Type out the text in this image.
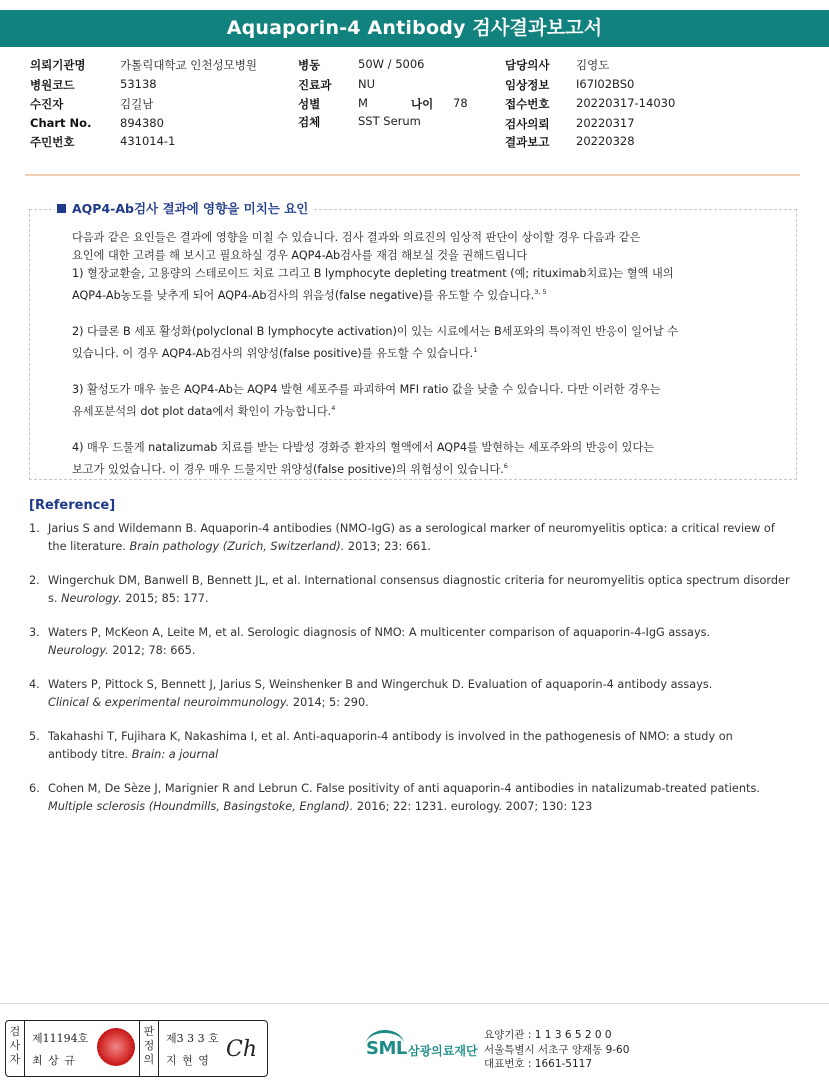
Aquaporin-4 Antibody 검사결과보고서
의뢰기관명	가톨릭대학교 인천성모병원
병원코드	53138
수진자	김길남
Chart No. 894380
주민번호	431014-1
병동	50W / 5006
진료과 NU
성별	M	나이 78
검체	SST Serum
담당의사 김영도
임상정보 I67I02BS0
접수번호 20220317-14030
검사의뢰 20220317
결과보고 20220328
AQP4-Ab검사 결과에 영향을 미치는 요인

다음과 같은 요인들은 결과에 영향을 미칠 수 있습니다. 검사 결과와 의료진의 임상적 판단이 상이할 경우 다음과 같은

요인에 대한 고려를 해 보시고 필요하실 경우 AQP4-Ab검사를 재검 해보실 것을 권해드립니다

1) 혈장교환술, 고용량의 스테로이드 치료 그리고 B lymphocyte depleting treatment (예; rituximab치료)는 혈액 내의

AQP4-Ab농도를 낮추게 되어 AQP4-Ab검사의 위음성(false negative)를 유도할 수 있습니다.$^{3, 5}$

2) 다클론 B 세포 활성화(polyclonal B lymphocyte activation)이 있는 시료에서는 B세포와의 특이적인 반응이 일어날 수

있습니다. 이 경우 AQP4-Ab검사의 위양성(false positive)를 유도할 수 있습니다.$^1$

3) 활성도가 매우 높은 AQP4-Ab는 AQP4 발현 세포주를 파괴하여 MFI ratio 값을 낮출 수 있습니다. 다만 이러한 경우는

유세포분석의 dot plot data에서 확인이 가능합니다.$^4$

4) 매우 드물게 natalizumab 치료를 받는 다발성 경화증 환자의 혈액에서 AQP4를 발현하는 세포주와의 반응이 있다는

보고가 있었습니다. 이 경우 매우 드물지만 위양성(false positive)의 위험성이 있습니다.$^6$

[Reference]
1. Jarius S and Wildemann B. Aquaporin-4 antibodies (NMO-IgG) as a serological marker of neuromyelitis optica: a critical review of
the literature. Brain pathology (Zurich, Switzerland). 2013; 23: 661.
2. Wingerchuk DM, Banwell B, Bennett JL, et al. International consensus diagnostic criteria for neuromyelitis optica spectrum disorder
s. Neurology. 2015; 85: 177.
3. Waters P, McKeon A, Leite M, et al. Serologic diagnosis of NMO: A multicenter comparison of aquaporin-4-IgG assays.
Neurology. 2012; 78: 665.
4. Waters P, Pittock S, Bennett J, Jarius S, Weinshenker B and Wingerchuk D. Evaluation of aquaporin-4 antibody assays.
Clinical & experimental neuroimmunology. 2014; 5: 290.
5. Takahashi T, Fujihara K, Nakashima I, et al. Anti-aquaporin-4 antibody is involved in the pathogenesis of NMO: a study on
antibody titre. Brain: a journal
6. Cohen M, De Sèze J, Marignier R and Lebrun C. False positivity of anti aquaporin-4 antibodies in natalizumab-treated patients.
Multiple sclerosis (Houndmills, Basingstoke, England). 2016; 22: 1231. eurology. 2007; 130: 123
검
사
자
제11194호
최 상 규
판
정
의
제3 3 3 호
지 현 영 Ch	SML 삼광의료재단
요양기관 : 1 1 3 6 5 2 0 0
서울특별시 서초구 양재동 9-60
대표번호 : 1661-5117
